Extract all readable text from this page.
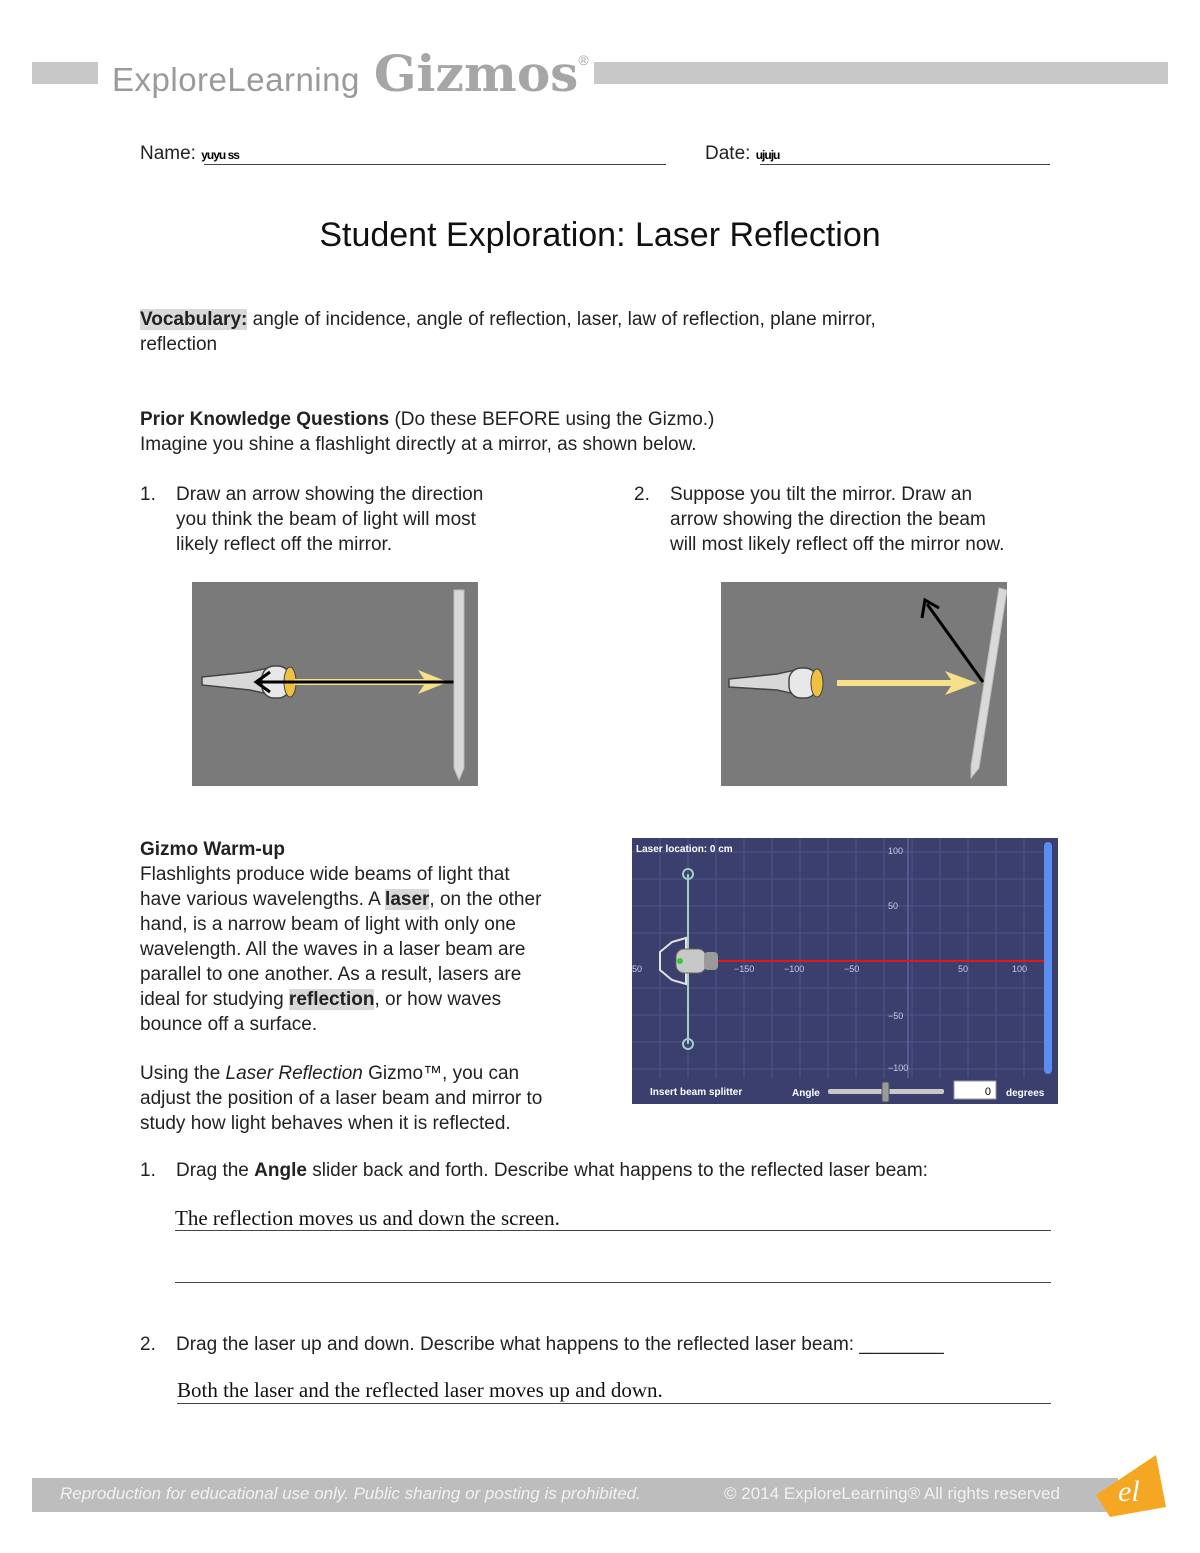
ExploreLearning Gizmos®
Name: yuyu ss	Date: ujuju
Student Exploration: Laser Reflection
Vocabulary: angle of incidence, angle of reflection, laser, law of reflection, plane mirror,
reflection
Prior Knowledge Questions (Do these BEFORE using the Gizmo.)
Imagine you shine a flashlight directly at a mirror, as shown below.
1. Draw an arrow showing the direction
you think the beam of light will most
likely reflect off the mirror.
2. Suppose you tilt the mirror. Draw an
arrow showing the direction the beam
will most likely reflect off the mirror now.
Gizmo Warm-up
Flashlights produce wide beams of light that
have various wavelengths. A laser, on the other
hand, is a narrow beam of light with only one
wavelength. All the waves in a laser beam are
parallel to one another. As a result, lasers are
ideal for studying reflection, or how waves
bounce off a surface.
Using the Laser Reflection Gizmo™, you can
adjust the position of a laser beam and mirror to
study how light behaves when it is reflected.
Laser location: 0 cm	100
50
−50
−100
50	−150	−100	−50	50	100
Insert beam splitter	Angle	0 degrees
1. Drag the Angle slider back and forth. Describe what happens to the reflected laser beam:
The reflection moves us and down the screen.
2. Drag the laser up and down. Describe what happens to the reflected laser beam: ________
Both the laser and the reflected laser moves up and down.
Reproduction for educational use only. Public sharing or posting is prohibited.	© 2014 ExploreLearning® All rights reserved el
